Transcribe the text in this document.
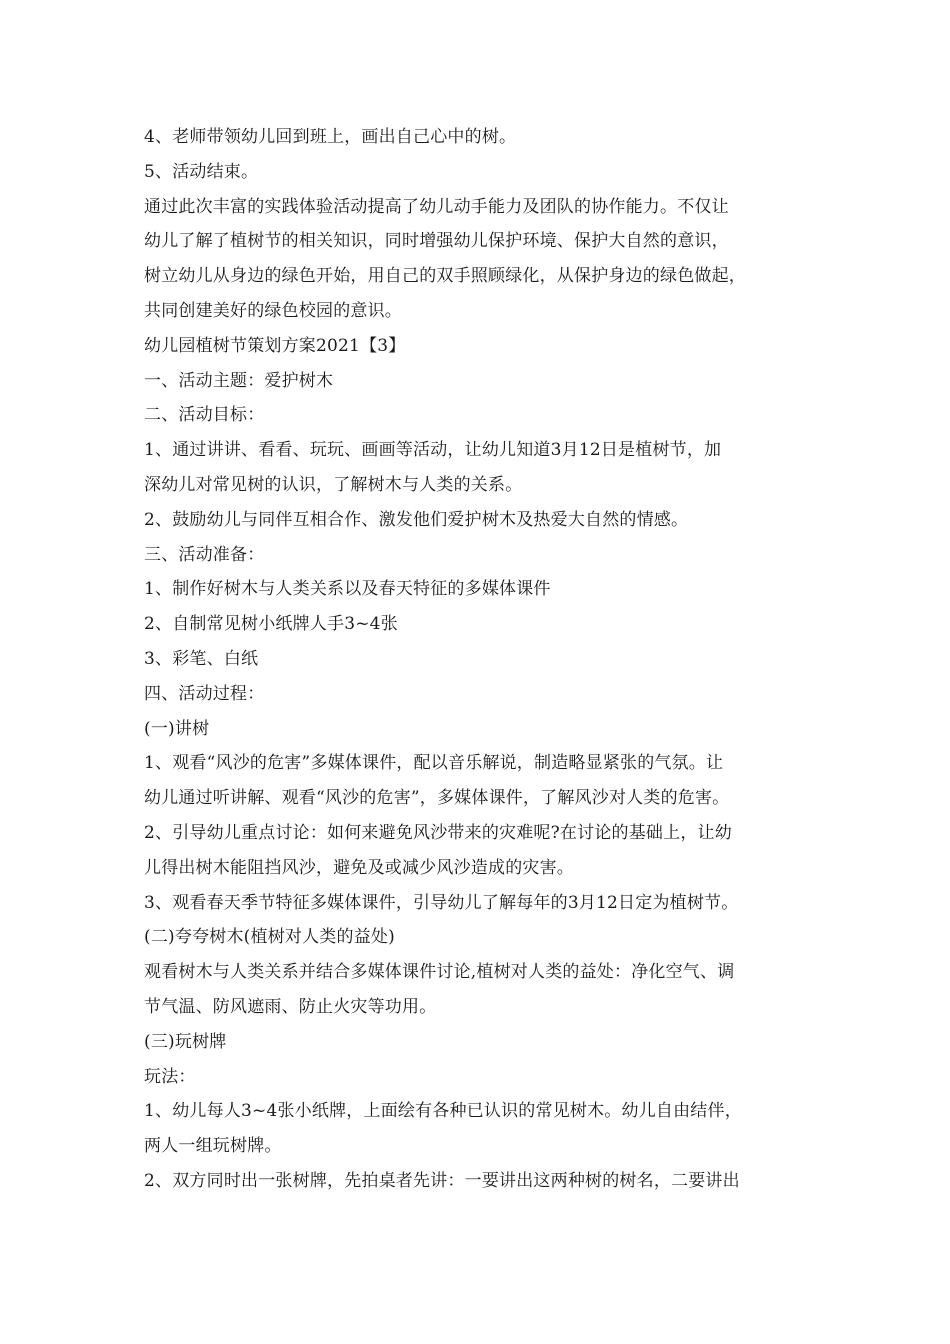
4、老师带领幼儿回到班上，画出自己心中的树。
5、活动结束。
通过此次丰富的实践体验活动提高了幼儿动手能力及团队的协作能力。不仅让
幼儿了解了植树节的相关知识，同时增强幼儿保护环境、保护大自然的意识，
树立幼儿从身边的绿色开始，用自己的双手照顾绿化，从保护身边的绿色做起，
共同创建美好的绿色校园的意识。
幼儿园植树节策划方案2021【3】
一、活动主题：爱护树木
二、活动目标：
1、通过讲讲、看看、玩玩、画画等活动，让幼儿知道3月12日是植树节，加
深幼儿对常见树的认识，了解树木与人类的关系。
2、鼓励幼儿与同伴互相合作、激发他们爱护树木及热爱大自然的情感。
三、活动准备：
1、制作好树木与人类关系以及春天特征的多媒体课件
2、自制常见树小纸牌人手3~4张
3、彩笔、白纸
四、活动过程：
(一)讲树
1、观看“风沙的危害”多媒体课件，配以音乐解说，制造略显紧张的气氛。让
幼儿通过听讲解、观看“风沙的危害”，多媒体课件，了解风沙对人类的危害。
2、引导幼儿重点讨论：如何来避免风沙带来的灾难呢?在讨论的基础上，让幼
儿得出树木能阻挡风沙，避免及或减少风沙造成的灾害。
3、观看春天季节特征多媒体课件，引导幼儿了解每年的3月12日定为植树节。
(二)夸夸树木(植树对人类的益处)
观看树木与人类关系并结合多媒体课件讨论,植树对人类的益处：净化空气、调
节气温、防风遮雨、防止火灾等功用。
(三)玩树牌
玩法：
1、幼儿每人3~4张小纸牌，上面绘有各种已认识的常见树木。幼儿自由结伴，
两人一组玩树牌。
2、双方同时出一张树牌，先拍桌者先讲：一要讲出这两种树的树名，二要讲出
